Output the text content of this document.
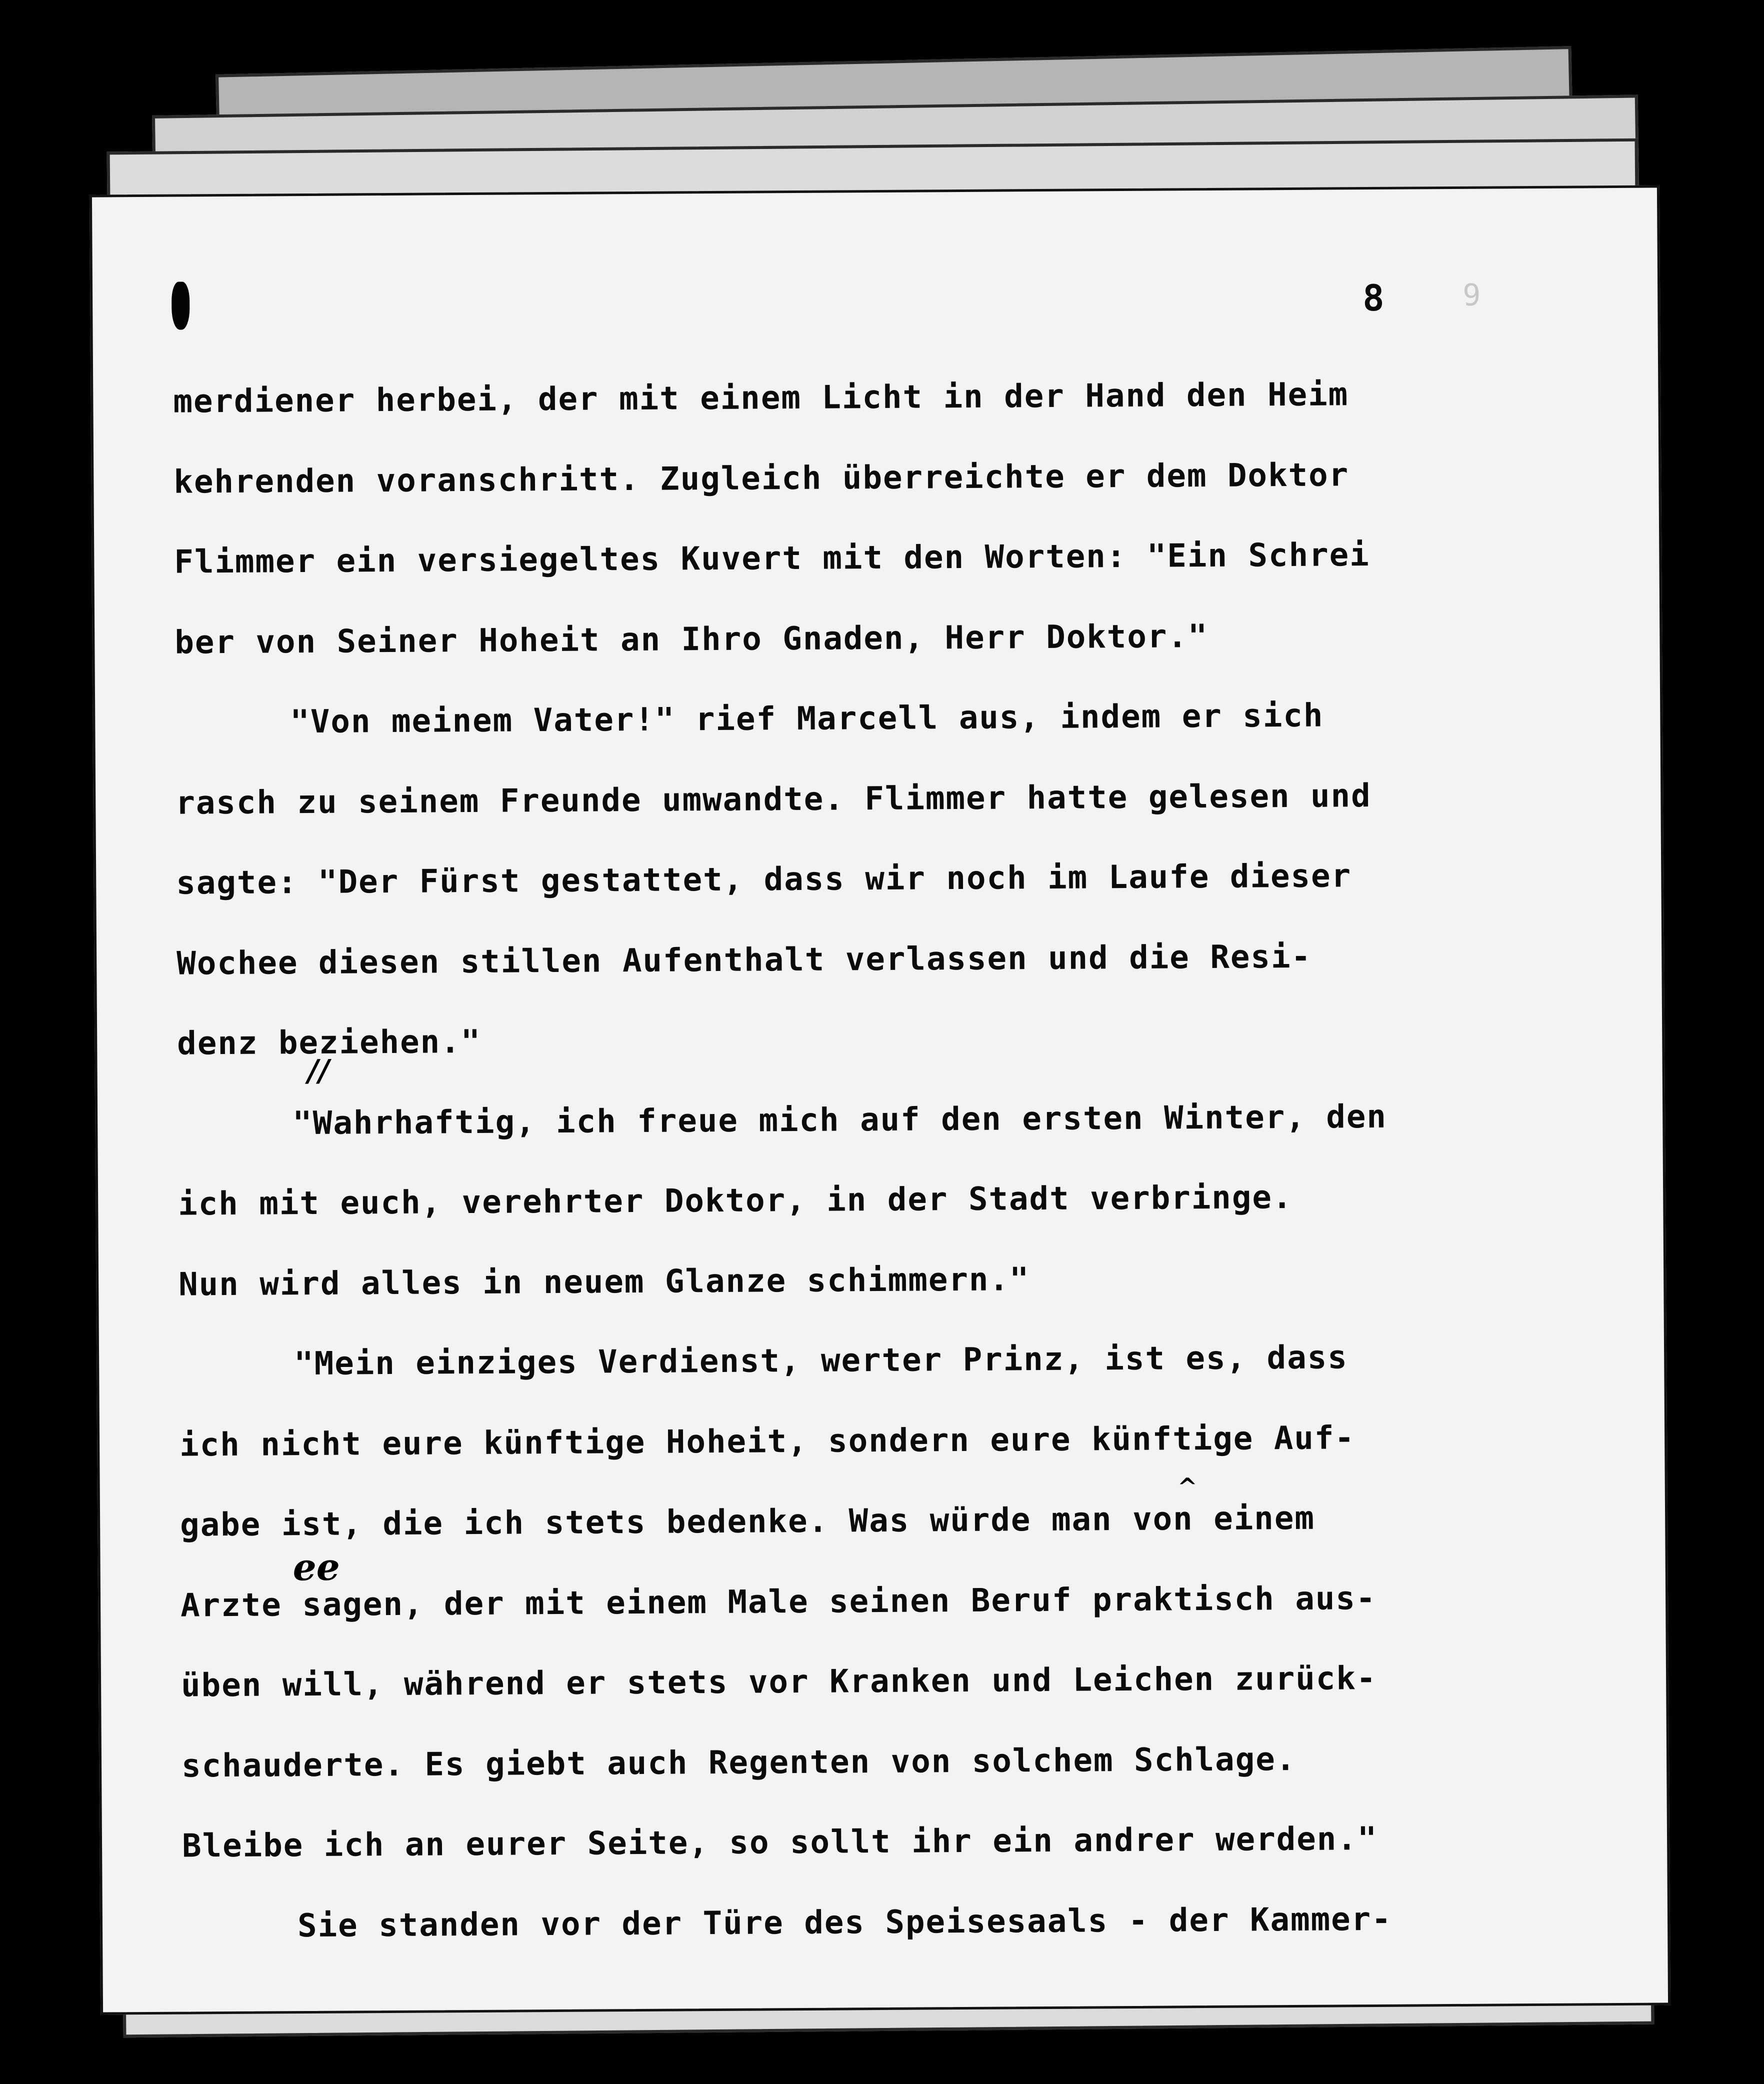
8	9
merdiener herbei, der mit einem Licht in der Hand den Heim
kehrenden voranschritt. Zugleich überreichte er dem Doktor
Flimmer ein versiegeltes Kuvert mit den Worten: "Ein Schrei
ber von Seiner Hoheit an Ihro Gnaden, Herr Doktor."
"Von meinem Vater!" rief Marcell aus, indem er sich
rasch zu seinem Freunde umwandte. Flimmer hatte gelesen und
sagte: "Der Fürst gestattet, dass wir noch im Laufe dieser
Wochee diesen stillen Aufenthalt verlassen und die Resi-
denz beziehen."
"Wahrhaftig, ich freue mich auf den ersten Winter, den
ich mit euch, verehrter Doktor, in der Stadt verbringe.
Nun wird alles in neuem Glanze schimmern."
"Mein einziges Verdienst, werter Prinz, ist es, dass
ich nicht eure künftige Hoheit, sondern eure künftige Auf-
gabe ist, die ich stets bedenke. Was würde man von einem
Arzte sagen, der mit einem Male seinen Beruf praktisch aus-
üben will, während er stets vor Kranken und Leichen zurück-
schauderte. Es giebt auch Regenten von solchem Schlage.
Bleibe ich an eurer Seite, so sollt ihr ein andrer werden."
Sie standen vor der Türe des Speisesaals - der Kammer-
ee
//
^
